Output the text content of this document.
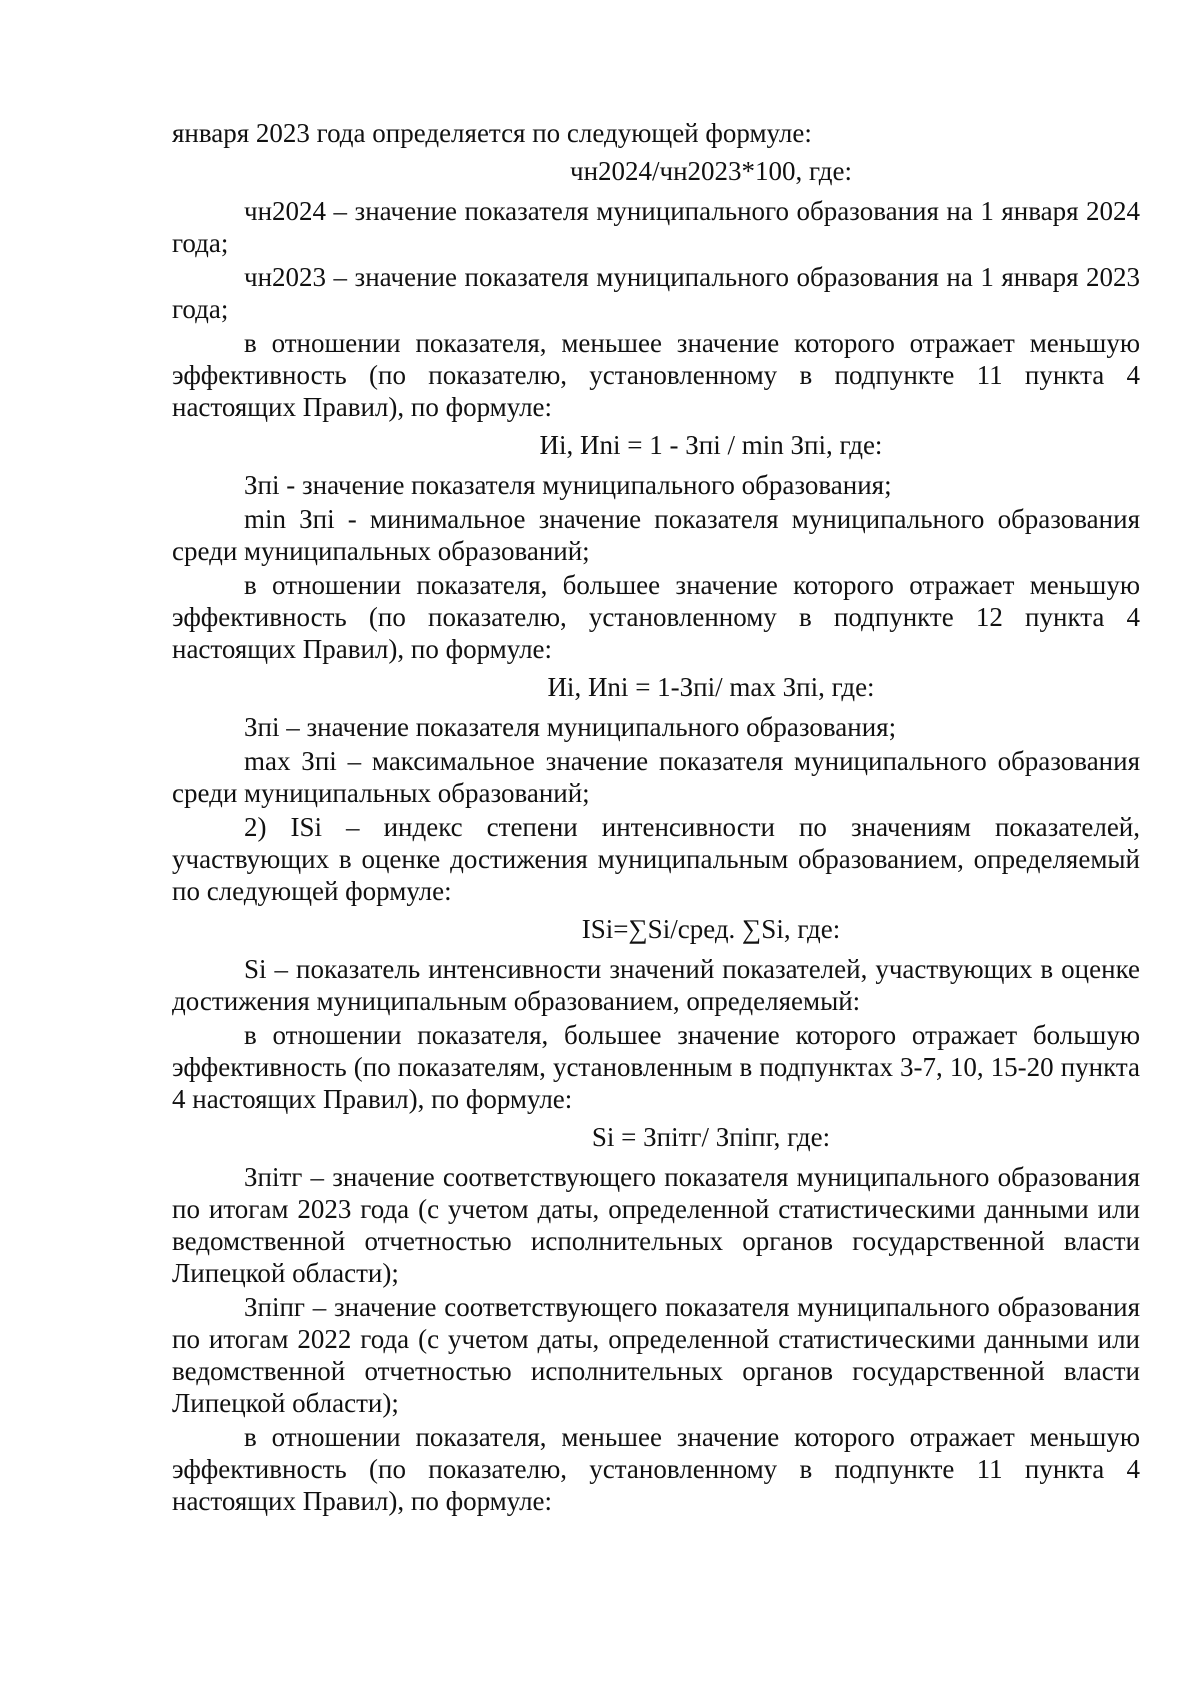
января 2023 года определяется по следующей формуле:

чн2024/чн2023*100, где:

чн2024 – значение показателя муниципального образования на 1 января 2024 года;

чн2023 – значение показателя муниципального образования на 1 января 2023 года;

в отношении показателя, меньшее значение которого отражает меньшую эффективность (по показателю, установленному в подпункте 11 пункта 4 настоящих Правил), по формуле:

Иi, Иni = 1 - Зпi / min Зпi, где:

Зпi - значение показателя муниципального образования;

min Зпi - минимальное значение показателя муниципального образования среди муниципальных образований;

в отношении показателя, большее значение которого отражает меньшую эффективность (по показателю, установленному в подпункте 12 пункта 4 настоящих Правил), по формуле:

Иi, Иni = 1-Зпi/ max Зпi, где:

Зпi – значение показателя муниципального образования;

max Зпi – максимальное значение показателя муниципального образования среди муниципальных образований;

2) ISi – индекс степени интенсивности по значениям показателей, участвующих в оценке достижения муниципальным образованием, определяемый по следующей формуле:

ISi=∑Si/сред. ∑Si, где:

Si – показатель интенсивности значений показателей, участвующих в оценке достижения муниципальным образованием, определяемый:

в отношении показателя, большее значение которого отражает большую эффективность (по показателям, установленным в подпунктах 3-7, 10, 15-20 пункта 4 настоящих Правил), по формуле:

Si = Зпiтг/ Зпiпг, где:

Зпiтг – значение соответствующего показателя муниципального образования по итогам 2023 года (с учетом даты, определенной статистическими данными или ведомственной отчетностью исполнительных органов государственной власти Липецкой области);

Зпiпг – значение соответствующего показателя муниципального образования по итогам 2022 года (с учетом даты, определенной статистическими данными или ведомственной отчетностью исполнительных органов государственной власти Липецкой области);

в отношении показателя, меньшее значение которого отражает меньшую эффективность (по показателю, установленному в подпункте 11 пункта 4 настоящих Правил), по формуле:
